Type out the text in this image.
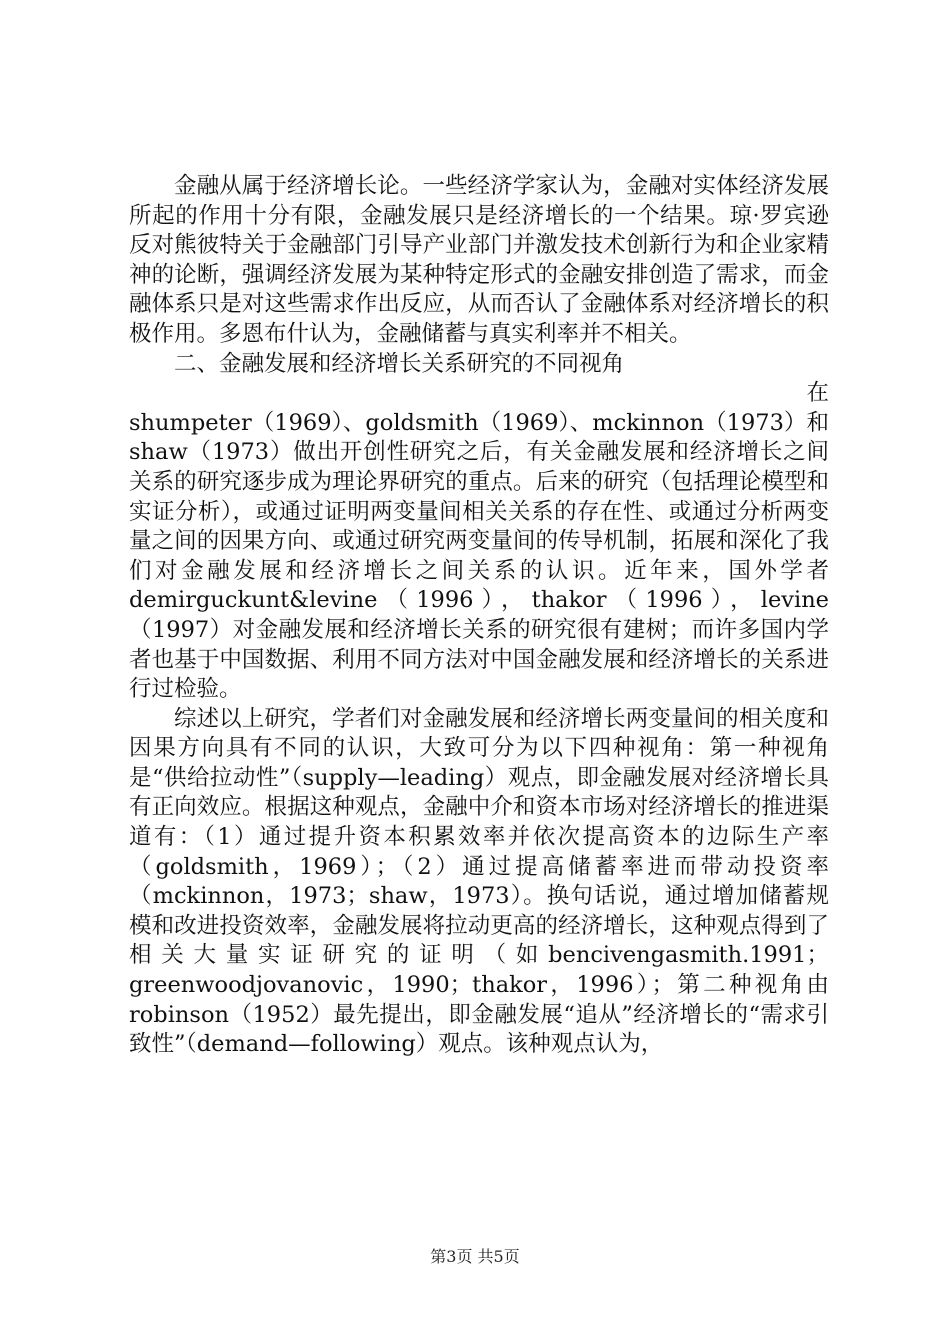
金融从属于经济增长论。一些经济学家认为，金融对实体经济发展所起的作用十分有限，金融发展只是经济增长的一个结果。琼·罗宾逊反对熊彼特关于金融部门引导产业部门并激发技术创新行为和企业家精神的论断，强调经济发展为某种特定形式的金融安排创造了需求，而金融体系只是对这些需求作出反应，从而否认了金融体系对经济增长的积极作用。多恩布什认为，金融储蓄与真实利率并不相关。

二、金融发展和经济增长关系研究的不同视角

在

shumpeter（1969）、goldsmith（1969）、mckinnon（1973）和shaw（1973）做出开创性研究之后，有关金融发展和经济增长之间关系的研究逐步成为理论界研究的重点。后来的研究（包括理论模型和实证分析），或通过证明两变量间相关关系的存在性、或通过分析两变量之间的因果方向、或通过研究两变量间的传导机制，拓展和深化了我们对金融发展和经济增长之间关系的认识。近年来，国外学者demirguckunt&levine（1996），thakor（1996），levine（1997）对金融发展和经济增长关系的研究很有建树；而许多国内学者也基于中国数据、利用不同方法对中国金融发展和经济增长的关系进行过检验。

综述以上研究，学者们对金融发展和经济增长两变量间的相关度和因果方向具有不同的认识，大致可分为以下四种视角：第一种视角是“供给拉动性”（supply—leading）观点，即金融发展对经济增长具有正向效应。根据这种观点，金融中介和资本市场对经济增长的推进渠道有：（1）通过提升资本积累效率并依次提高资本的边际生产率（goldsmith，1969）；（2）通过提高储蓄率进而带动投资率（mckinnon，1973；shaw，1973）。换句话说，通过增加储蓄规模和改进投资效率，金融发展将拉动更高的经济增长，这种观点得到了相关大量实证研究的证明（如bencivengasmith.1991；greenwoodjovanovic，1990；thakor，1996）；第二种视角由robinson（1952）最先提出，即金融发展“追从”经济增长的“需求引致性”（demand—following）观点。该种观点认为，

第3页 共5页
